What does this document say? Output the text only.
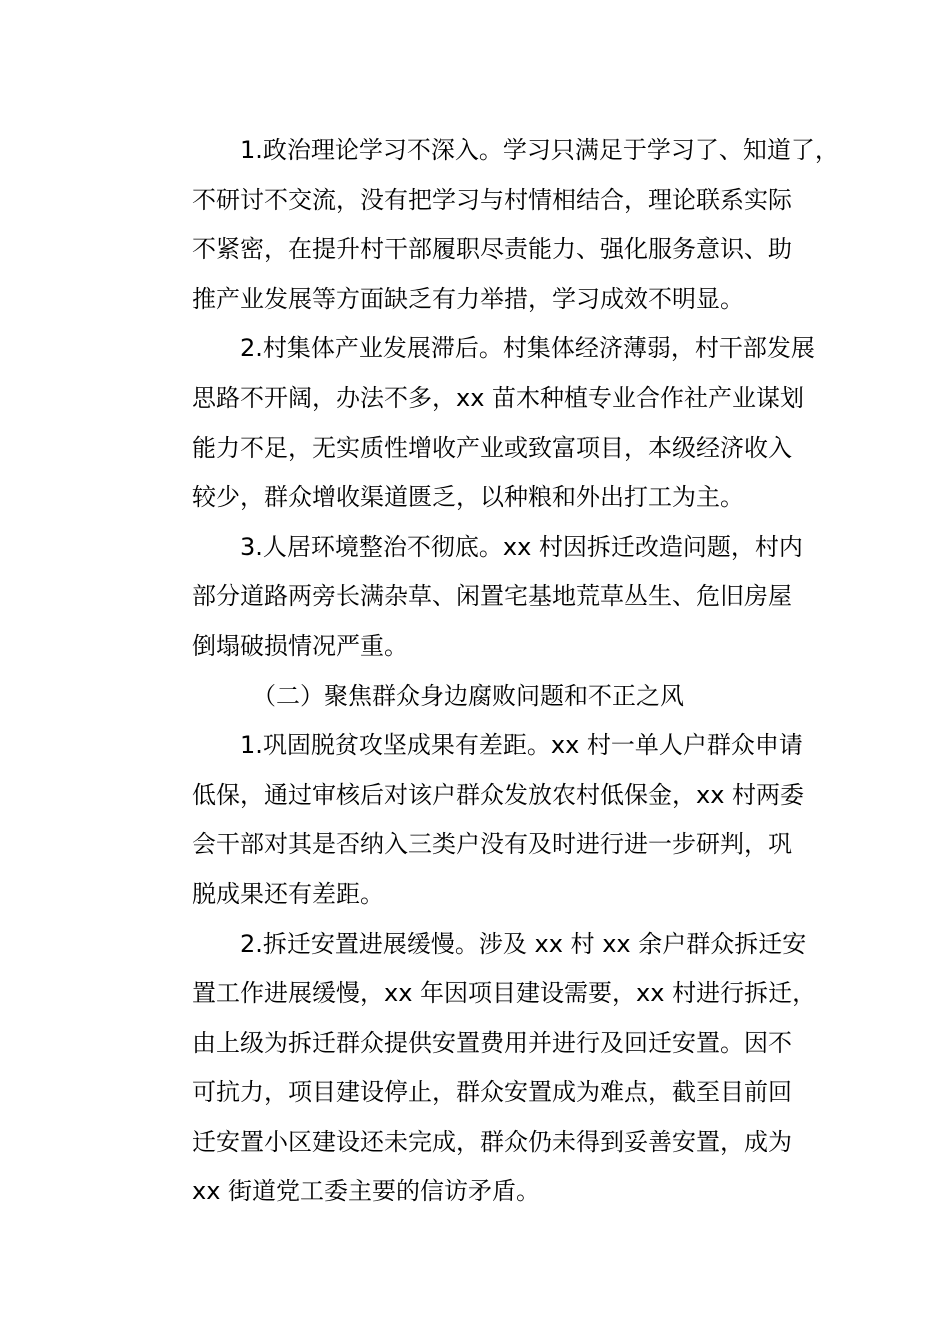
1.政治理论学习不深入。学习只满足于学习了、知道了，
不研讨不交流，没有把学习与村情相结合，理论联系实际
不紧密，在提升村干部履职尽责能力、强化服务意识、助
推产业发展等方面缺乏有力举措，学习成效不明显。
2.村集体产业发展滞后。村集体经济薄弱，村干部发展
思路不开阔，办法不多，xx 苗木种植专业合作社产业谋划
能力不足，无实质性增收产业或致富项目，本级经济收入
较少，群众增收渠道匮乏，以种粮和外出打工为主。
3.人居环境整治不彻底。xx 村因拆迁改造问题，村内
部分道路两旁长满杂草、闲置宅基地荒草丛生、危旧房屋
倒塌破损情况严重。
（二）聚焦群众身边腐败问题和不正之风
1.巩固脱贫攻坚成果有差距。xx 村一单人户群众申请
低保，通过审核后对该户群众发放农村低保金，xx 村两委
会干部对其是否纳入三类户没有及时进行进一步研判，巩
脱成果还有差距。
2.拆迁安置进展缓慢。涉及 xx 村 xx 余户群众拆迁安
置工作进展缓慢，xx 年因项目建设需要，xx 村进行拆迁，
由上级为拆迁群众提供安置费用并进行及回迁安置。因不
可抗力，项目建设停止，群众安置成为难点，截至目前回
迁安置小区建设还未完成，群众仍未得到妥善安置，成为
xx 街道党工委主要的信访矛盾。
